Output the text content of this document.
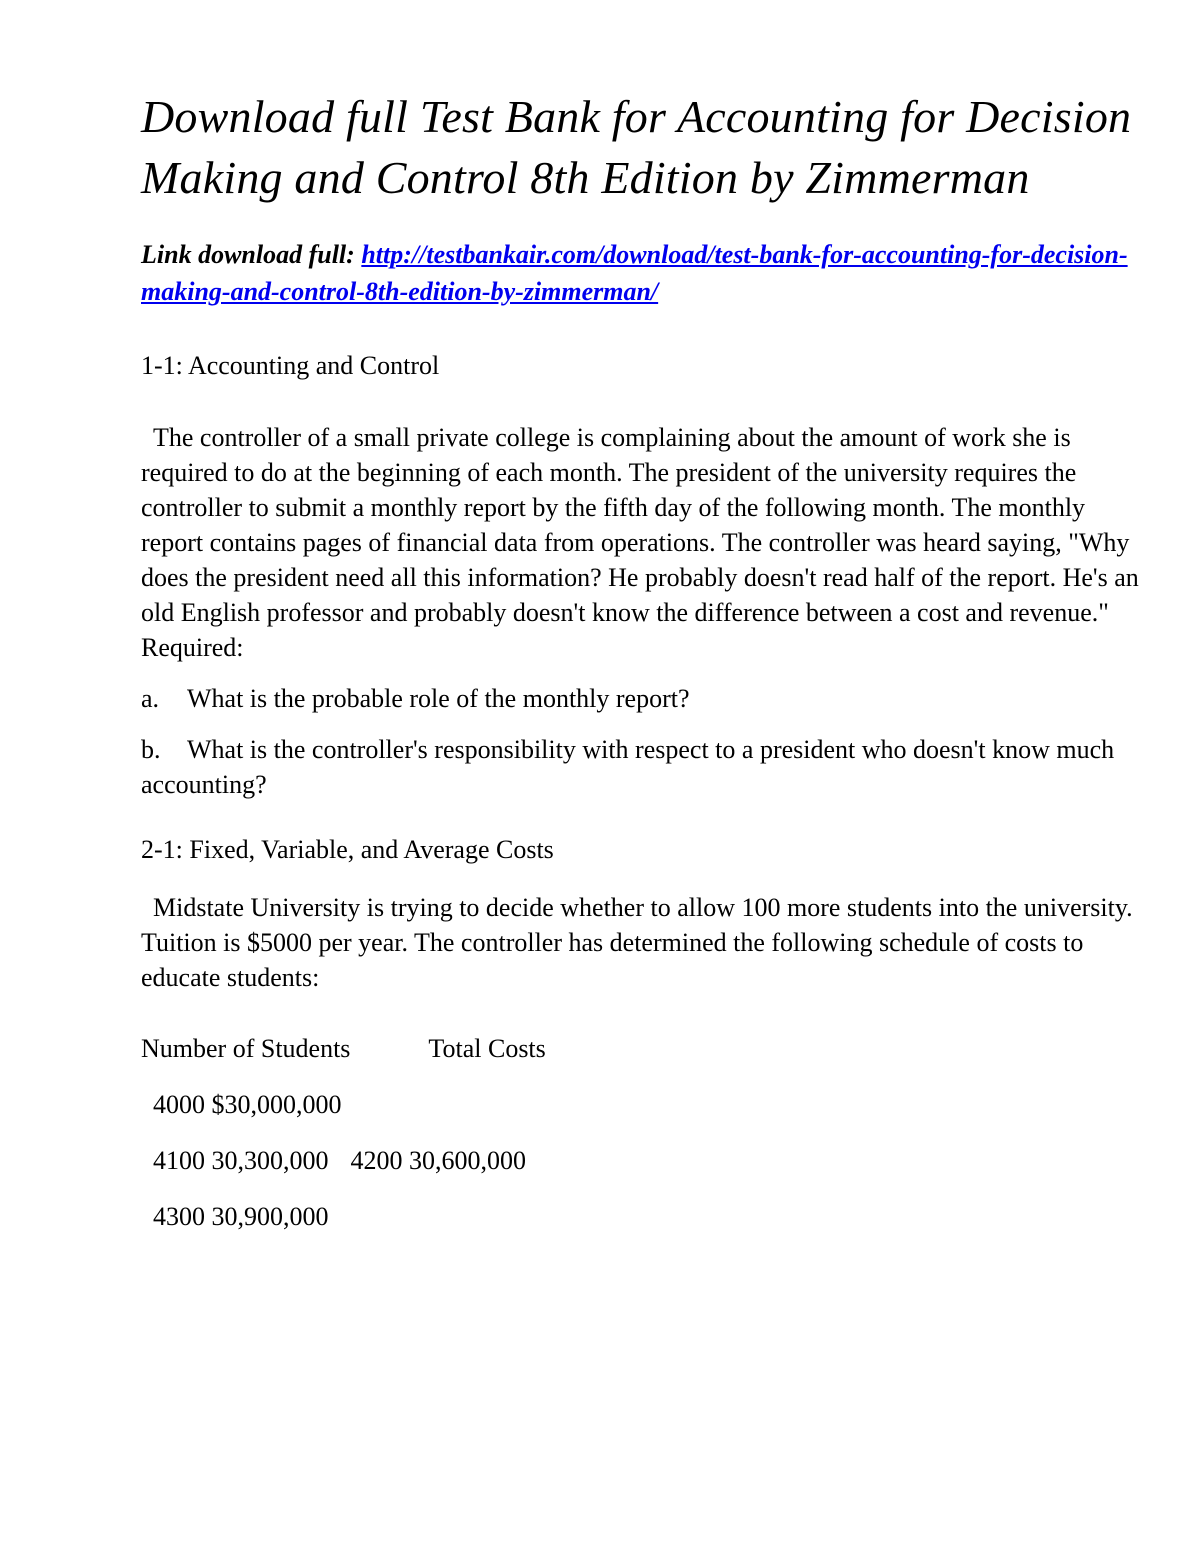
Download full Test Bank for Accounting for Decision Making and Control 8th Edition by Zimmerman
Link download full: http://testbankair.com/download/test-bank-for-accounting-for-decision-making-and-control-8th-edition-by-zimmerman/
1-1: Accounting and Control

The controller of a small private college is complaining about the amount of work she is required to do at the beginning of each month. The president of the university requires the controller to submit a monthly report by the fifth day of the following month. The monthly report contains pages of financial data from operations. The controller was heard saying, "Why does the president need all this information? He probably doesn't read half of the report. He's an old English professor and probably doesn't know the difference between a cost and revenue."

Required:

a. What is the probable role of the monthly report?

b. What is the controller's responsibility with respect to a president who doesn't know much accounting?

2-1: Fixed, Variable, and Average Costs

Midstate University is trying to decide whether to allow 100 more students into the university. Tuition is $5000 per year. The controller has determined the following schedule of costs to educate students:

Number of Students	Total Costs
4000 $30,000,000
4100 30,300,000 4200 30,600,000
4300 30,900,000
